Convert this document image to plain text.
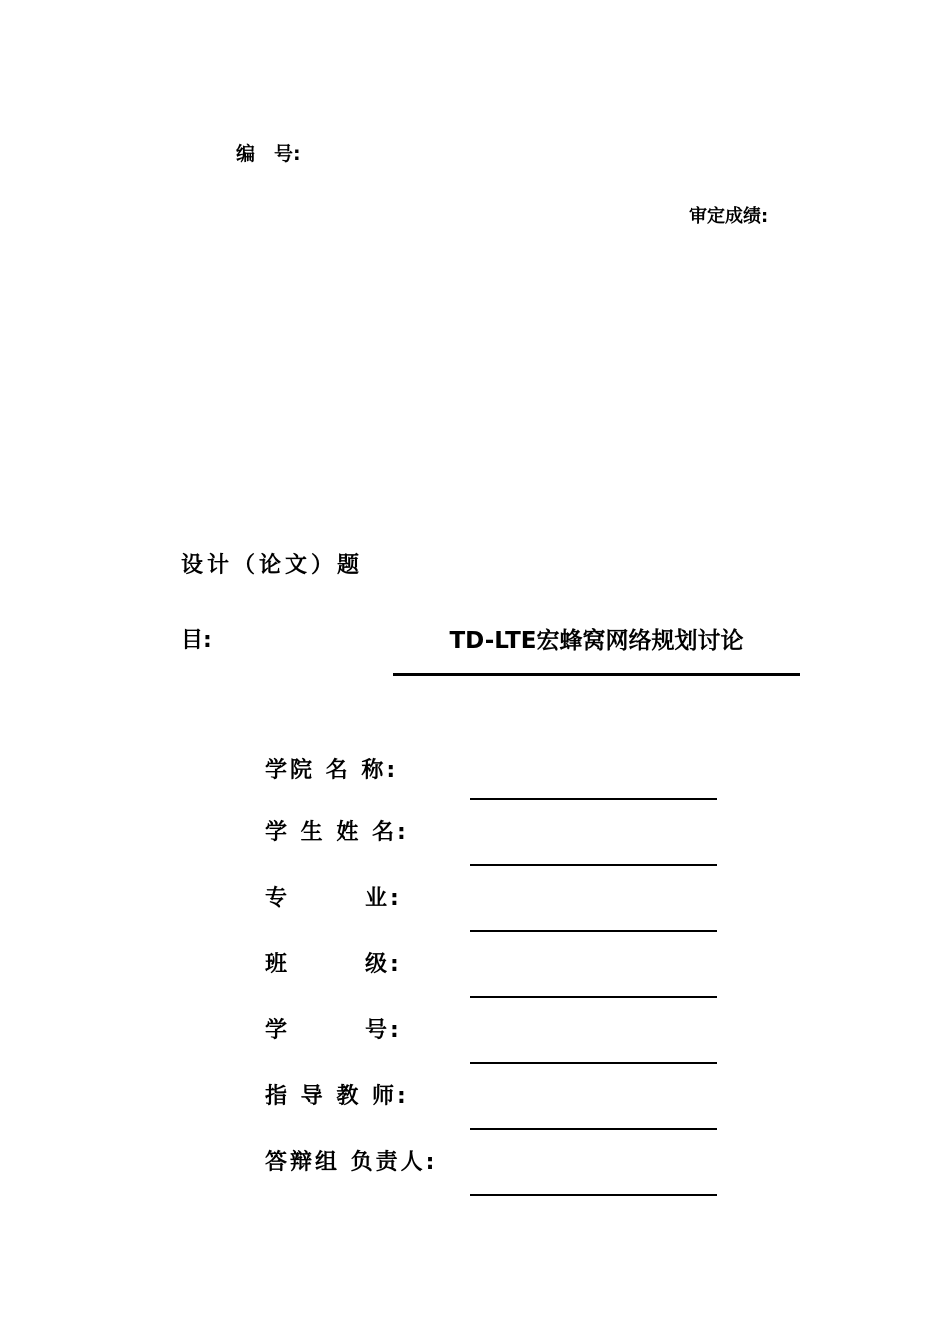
编　号:
审定成绩:
设计（论文）题
目:	TD-LTE宏蜂窝网络规划讨论
学院 名 称:
学 生 姓 名:
专　　　业:
班　　　级:
学　　　号:
指 导 教 师:
答辩组 负责人:
